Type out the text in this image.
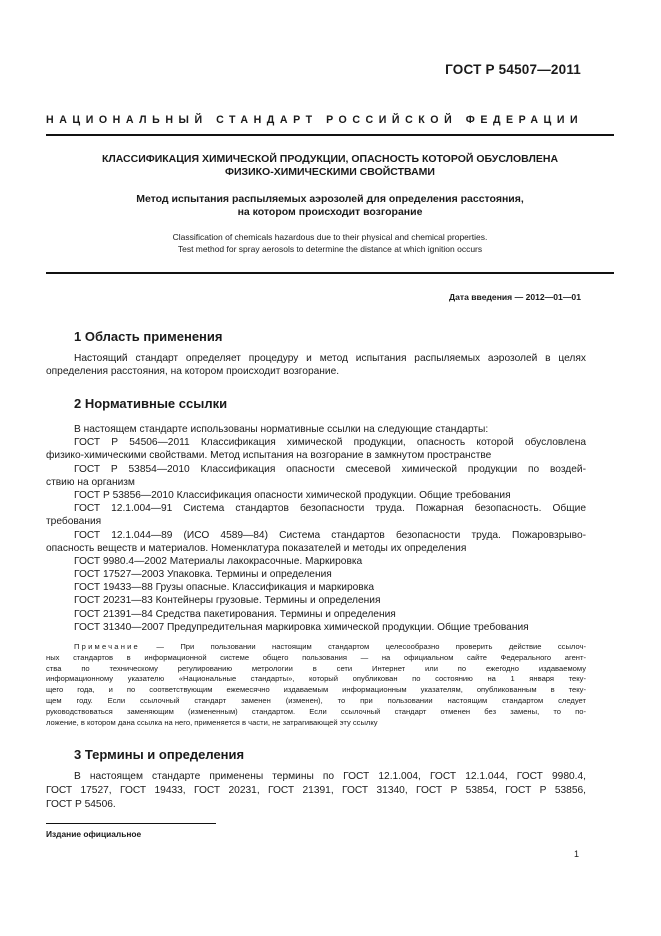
ГОСТ Р 54507—2011
НАЦИОНАЛЬНЫЙ СТАНДАРТ РОССИЙСКОЙ ФЕДЕРАЦИИ
КЛАССИФИКАЦИЯ ХИМИЧЕСКОЙ ПРОДУКЦИИ, ОПАСНОСТЬ КОТОРОЙ ОБУСЛОВЛЕНА
ФИЗИКО-ХИМИЧЕСКИМИ СВОЙСТВАМИ
Метод испытания распыляемых аэрозолей для определения расстояния,
на котором происходит возгорание
Classification of chemicals hazardous due to their physical and chemical properties.
Test method for spray aerosols to determine the distance at which ignition occurs
Дата введения — 2012—01—01
1 Область применения
Настоящий стандарт определяет процедуру и метод испытания распыляемых аэрозолей в целях
определения расстояния, на котором происходит возгорание.
2 Нормативные ссылки
В настоящем стандарте использованы нормативные ссылки на следующие стандарты:
ГОСТ Р 54506—2011 Классификация химической продукции, опасность которой обусловлена
физико-химическими свойствами. Метод испытания на возгорание в замкнутом пространстве
ГОСТ Р 53854—2010 Классификация опасности смесевой химической продукции по воздей-
ствию на организм
ГОСТ Р 53856—2010 Классификация опасности химической продукции. Общие требования
ГОСТ 12.1.004—91 Система стандартов безопасности труда. Пожарная безопасность. Общие
требования
ГОСТ 12.1.044—89 (ИСО 4589—84) Система стандартов безопасности труда. Пожаровзрыво-
опасность веществ и материалов. Номенклатура показателей и методы их определения
ГОСТ 9980.4—2002 Материалы лакокрасочные. Маркировка
ГОСТ 17527—2003 Упаковка. Термины и определения
ГОСТ 19433—88 Грузы опасные. Классификация и маркировка
ГОСТ 20231—83 Контейнеры грузовые. Термины и определения
ГОСТ 21391—84 Средства пакетирования. Термины и определения
ГОСТ 31340—2007 Предупредительная маркировка химической продукции. Общие требования
Примечание — При пользовании настоящим стандартом целесообразно проверить действие ссылоч-
ных стандартов в информационной системе общего пользования — на официальном сайте Федерального агент-
ства по техническому регулированию метрологии в сети Интернет или по ежегодно издаваемому
информационному указателю «Национальные стандарты», который опубликован по состоянию на 1 января теку-
щего года, и по соответствующим ежемесячно издаваемым информационным указателям, опубликованным в теку-
щем году. Если ссылочный стандарт заменен (изменен), то при пользовании настоящим стандартом следует
руководствоваться заменяющим (измененным) стандартом. Если ссылочный стандарт отменен без замены, то по-
ложение, в котором дана ссылка на него, применяется в части, не затрагивающей эту ссылку
3 Термины и определения
В настоящем стандарте применены термины по ГОСТ 12.1.004, ГОСТ 12.1.044, ГОСТ 9980.4,
ГОСТ 17527, ГОСТ 19433, ГОСТ 20231, ГОСТ 21391, ГОСТ 31340, ГОСТ Р 53854, ГОСТ Р 53856,
ГОСТ Р 54506.
Издание официальное
1
